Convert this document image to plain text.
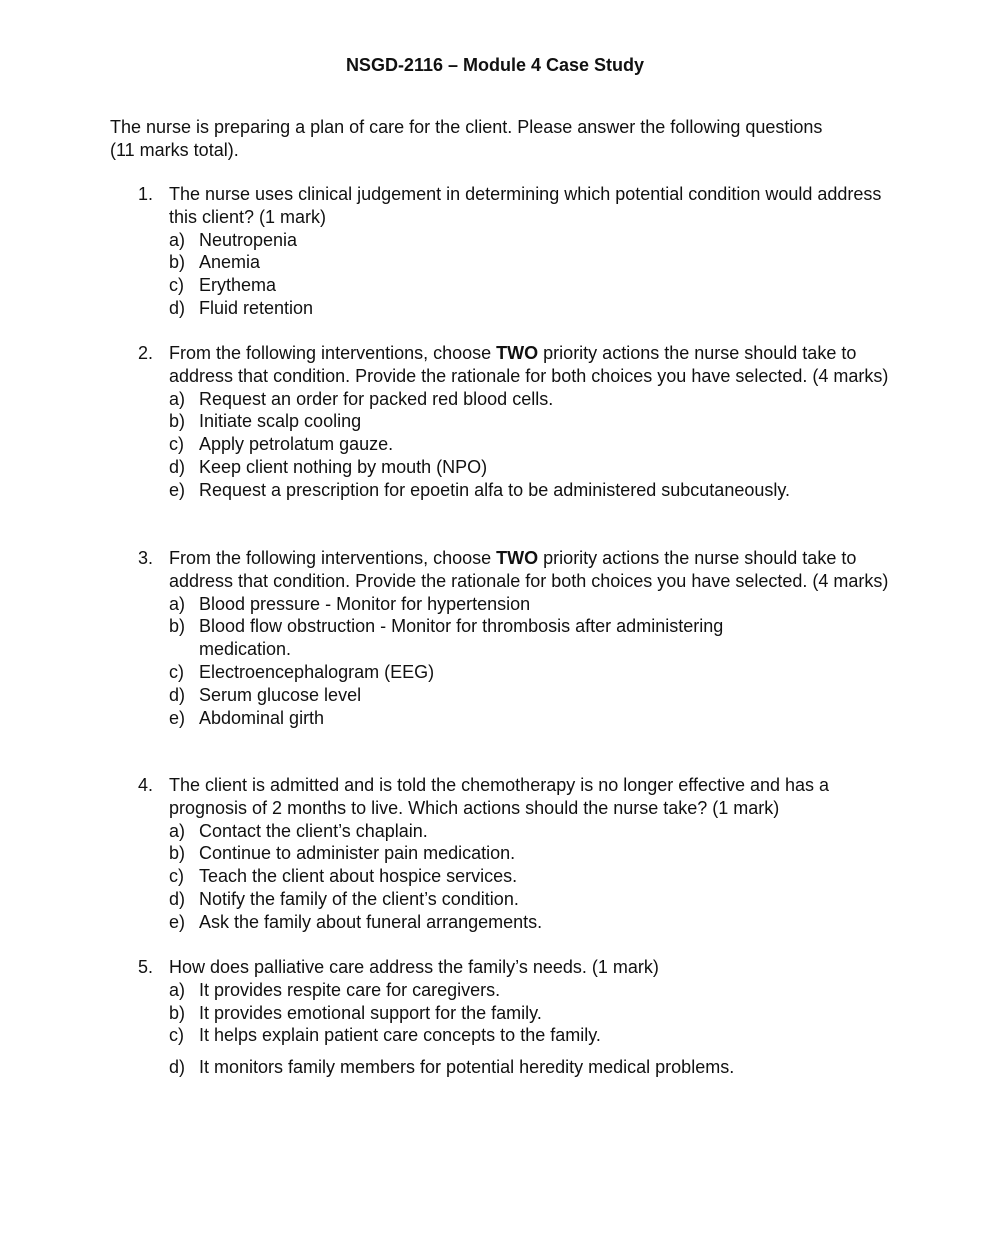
NSGD-2116 – Module 4 Case Study
The nurse is preparing a plan of care for the client. Please answer the following questions (11 marks total).
1. The nurse uses clinical judgement in determining which potential condition would address this client? (1 mark)
a) Neutropenia
b) Anemia
c) Erythema
d) Fluid retention
2. From the following interventions, choose TWO priority actions the nurse should take to address that condition. Provide the rationale for both choices you have selected. (4 marks)
a) Request an order for packed red blood cells.
b) Initiate scalp cooling
c) Apply petrolatum gauze.
d) Keep client nothing by mouth (NPO)
e) Request a prescription for epoetin alfa to be administered subcutaneously.
3. From the following interventions, choose TWO priority actions the nurse should take to address that condition. Provide the rationale for both choices you have selected. (4 marks)
a) Blood pressure - Monitor for hypertension
b) Blood flow obstruction - Monitor for thrombosis after administering medication.
c) Electroencephalogram (EEG)
d) Serum glucose level
e) Abdominal girth
4. The client is admitted and is told the chemotherapy is no longer effective and has a prognosis of 2 months to live. Which actions should the nurse take? (1 mark)
a) Contact the client’s chaplain.
b) Continue to administer pain medication.
c) Teach the client about hospice services.
d) Notify the family of the client’s condition.
e) Ask the family about funeral arrangements.
5. How does palliative care address the family’s needs. (1 mark)
a) It provides respite care for caregivers.
b) It provides emotional support for the family.
c) It helps explain patient care concepts to the family.
d) It monitors family members for potential heredity medical problems.
